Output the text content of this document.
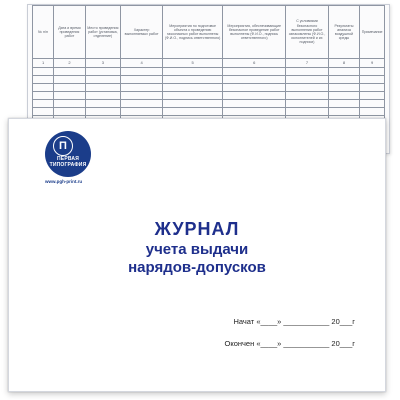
№ п/п	Дата и время проведения работ	Место проведения работ (установка, отделение)	Характер выполняемых работ	Мероприятия по подготовке объекта к проведению газоопасных работ выполнены (Ф.И.О., подпись ответственного)	Мероприятия, обеспечивающие безопасное проведение работ выполнены (Ф.И.О., подпись ответственного)	С условиями безопасного выполнения работ ознакомлены (Ф.И.О., исполнителей и их подписи)	Результаты анализа воздушной среды	Примечание
1	2	3	4	5	6	7	8	9

П
ПЕРВАЯ ТИПОГРАФИЯ
www.pgh-print.ru
ЖУРНАЛ
учета выдачи
нарядов-допусков
Начат «____» ___________ 20___г
Окончен «____» ___________ 20___г
